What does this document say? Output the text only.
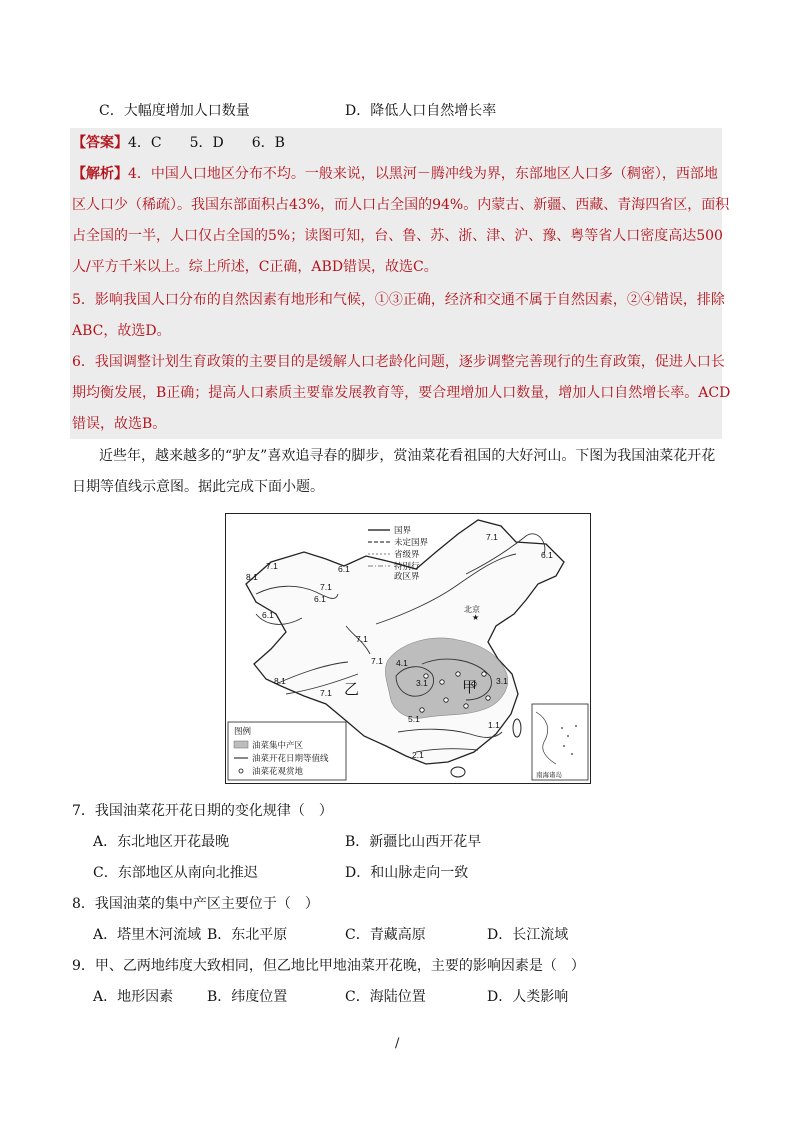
C．大幅度增加人口数量	D．降低人口自然增长率
【答案】4．C　　5．D　　6．B
【解析】4．中国人口地区分布不均。一般来说，以黑河－腾冲线为界，东部地区人口多（稠密），西部地
区人口少（稀疏）。我国东部面积占43%，而人口占全国的94%。内蒙古、新疆、西藏、青海四省区，面积
占全国的一半，人口仅占全国的5%；读图可知，台、鲁、苏、浙、津、沪、豫、粤等省人口密度高达500
人/平方千米以上。综上所述，C正确，ABD错误，故选C。
5．影响我国人口分布的自然因素有地形和气候，①③正确，经济和交通不属于自然因素，②④错误，排除
ABC，故选D。
6．我国调整计划生育政策的主要目的是缓解人口老龄化问题，逐步调整完善现行的生育政策，促进人口长
期均衡发展，B正确；提高人口素质主要靠发展教育等，要合理增加人口数量，增加人口自然增长率。ACD
错误，故选B。
近些年，越来越多的“驴友”喜欢追寻春的脚步，赏油菜花看祖国的大好河山。下图为我国油菜花开花
日期等值线示意图。据此完成下面小题。
7.1
6.1
8.1
7.1
7.1
6.1
6.1
6.1
7.1
7.1
8.1
7.1
4.1
3.1	3.1
1.1
2.1
5.1
北京
★
甲
乙
国界
未定国界
省级界
特别行
政区界
图例
油菜集中产区
油菜开花日期等值线
油菜花观赏地	南海诸岛
7．我国油菜花开花日期的变化规律（　）
A．东北地区开花最晚	B．新疆比山西开花早
C．东部地区从南向北推迟	D．和山脉走向一致
8．我国油菜的集中产区主要位于（　）
A．塔里木河流域 B．东北平原	C．青藏高原	D．长江流域
9．甲、乙两地纬度大致相同，但乙地比甲地油菜开花晚，主要的影响因素是（　）
A．地形因素 B．纬度位置	C．海陆位置	D．人类影响
/
